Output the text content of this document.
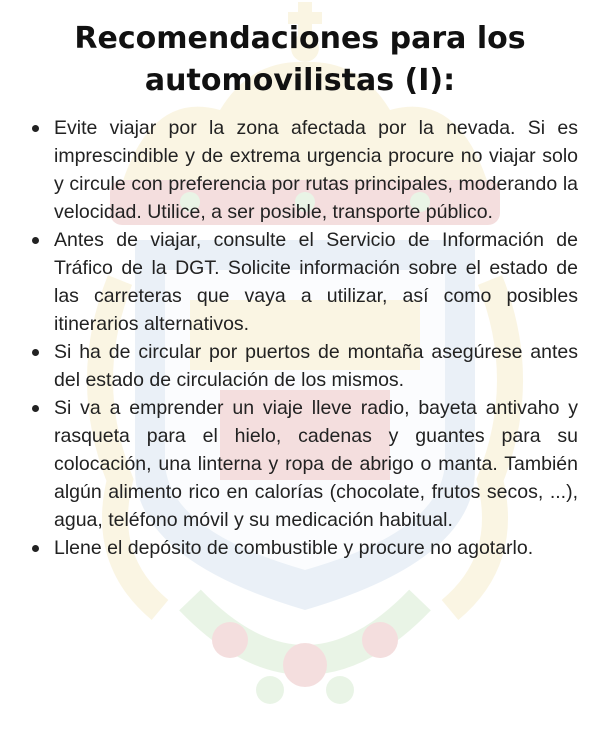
Recomendaciones para los
automovilistas (I):
Evite viajar por la zona afectada por la nevada. Si es imprescindible y de extrema urgencia procure no viajar solo y circule con preferencia por rutas principales, moderando la velocidad. Utilice, a ser posible, transporte público.
Antes de viajar, consulte el Servicio de Información de Tráfico de la DGT. Solicite información sobre el estado de las carreteras que vaya a utilizar, así como posibles itinerarios alternativos.
Si ha de circular por puertos de montaña asegúrese antes del estado de circulación de los mismos.
Si va a emprender un viaje lleve radio, bayeta antivaho y rasqueta para el hielo, cadenas y guantes para su colocación, una linterna y ropa de abrigo o manta. También algún alimento rico en calorías (chocolate, frutos secos, ...), agua, teléfono móvil y su medicación habitual.
Llene el depósito de combustible y procure no agotarlo.
